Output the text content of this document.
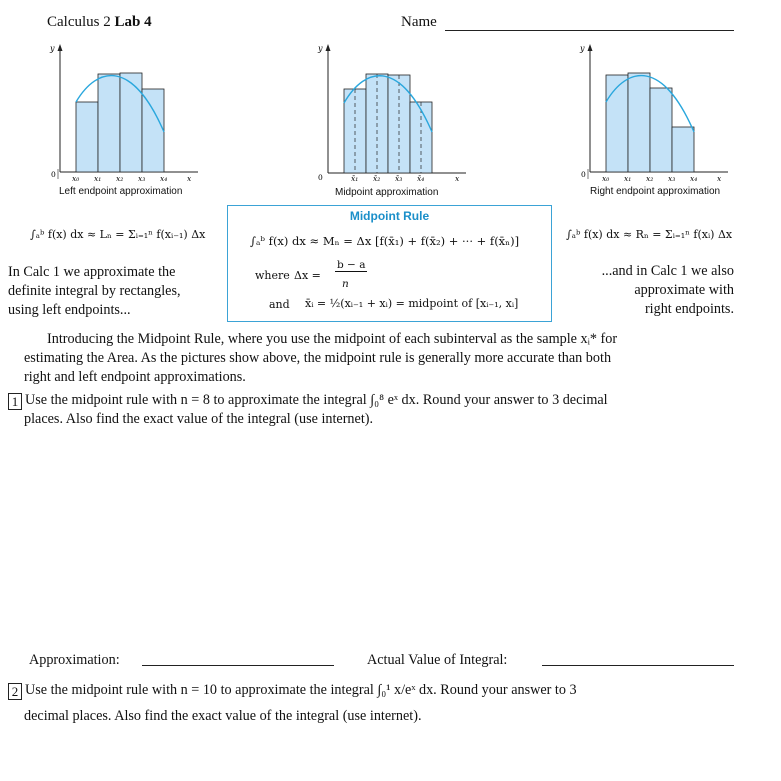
Calculus 2 Lab 4	Name
y
0 x₀ x₁ x₂ x₃ x₄	x
Left endpoint approximation
y
0	x̄₁ x̄₂ x̄₃ x̄₄	x
Midpoint approximation
y
0 x₀ x₁ x₂ x₃ x₄	x
Right endpoint approximation
∫ₐᵇ f(x) dx ≈ Lₙ = Σᵢ₌₁ⁿ f(xᵢ₋₁) Δx	∫ₐᵇ f(x) dx ≈ Rₙ = Σᵢ₌₁ⁿ f(xᵢ) Δx
Midpoint Rule
∫ₐᵇ f(x) dx ≈ Mₙ = Δx [f(x̄₁) + f(x̄₂) + ··· + f(x̄ₙ)]
where Δx =
b − a
n
and x̄ᵢ = ½(xᵢ₋₁ + xᵢ) = midpoint of [xᵢ₋₁, xᵢ]
In Calc 1 we approximate the
definite integral by rectangles,
using left endpoints...
...and in Calc 1 we also
approximate with
right endpoints.
Introducing the Midpoint Rule, where you use the midpoint of each subinterval as the sample xᵢ* for
estimating the Area. As the pictures show above, the midpoint rule is generally more accurate than both
right and left endpoint approximations.
1 Use the midpoint rule with n = 8 to approximate the integral ∫₀⁸ eˣ dx. Round your answer to 3 decimal
places. Also find the exact value of the integral (use internet).
Approximation:	Actual Value of Integral:
2 Use the midpoint rule with n = 10 to approximate the integral ∫₀¹ x/eˣ dx. Round your answer to 3
decimal places. Also find the exact value of the integral (use internet).
